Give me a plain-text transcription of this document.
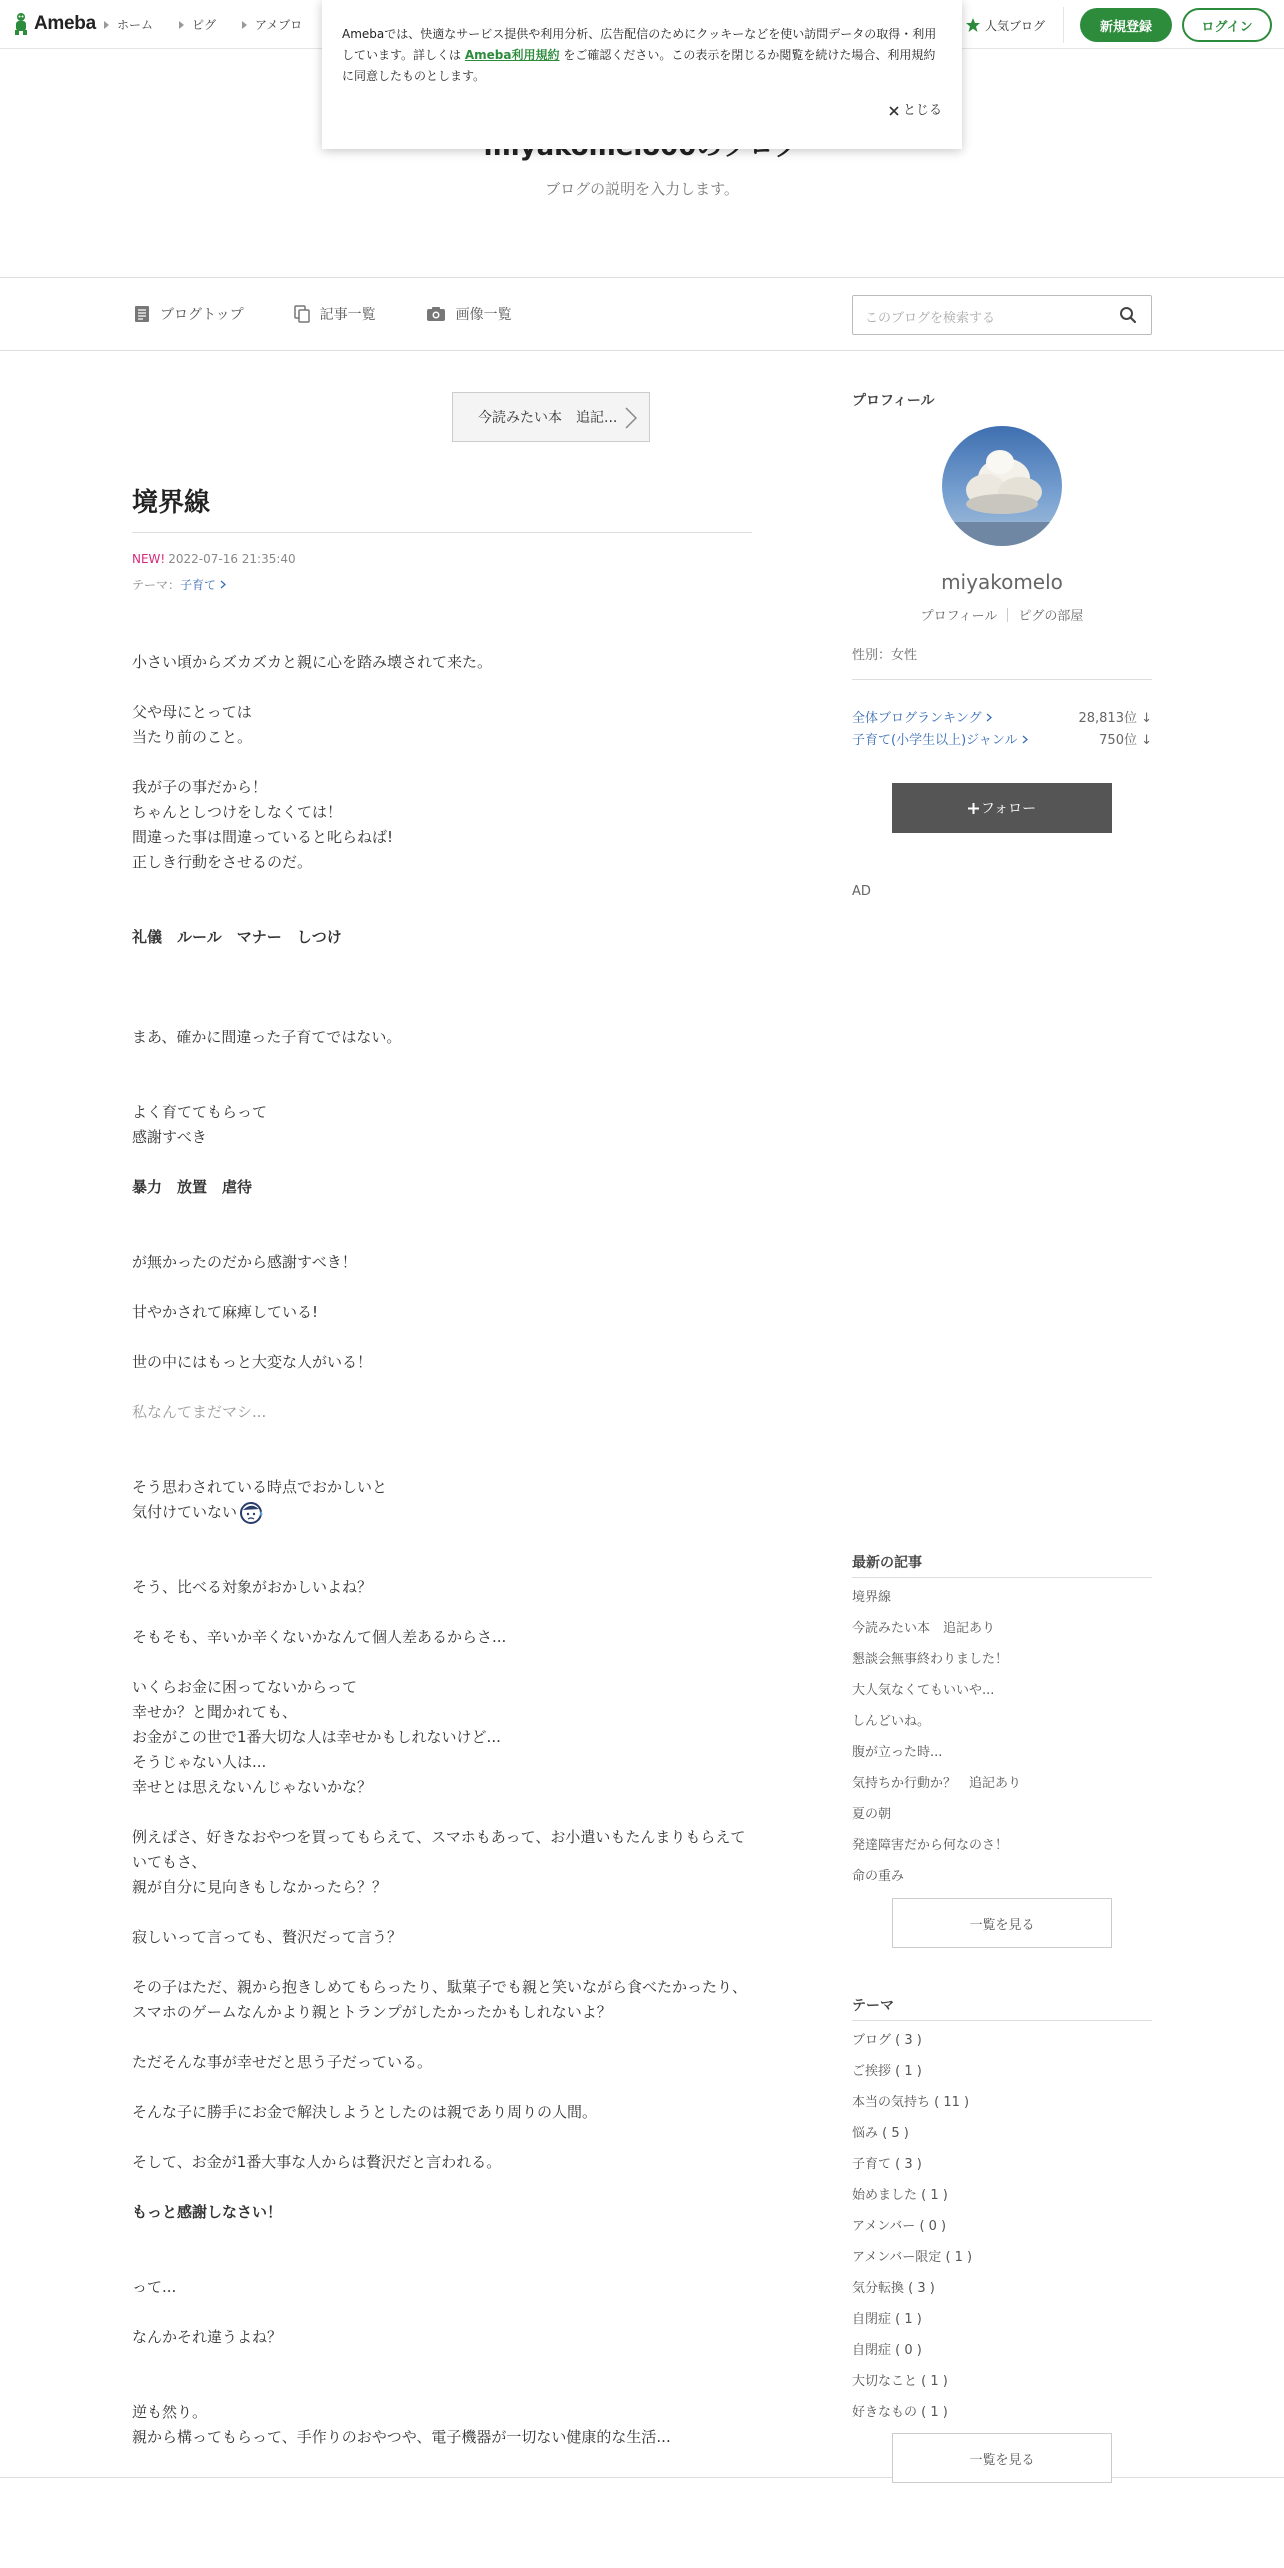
Ameba ホーム	ピグ	アメブロ	人気ブログ	新規登録	ログイン
ブログの説明を入力します。
Amebaでは、快適なサービス提供や利用分析、広告配信のためにクッキーなどを使い訪問データの取得・利用しています。詳しくは Ameba利用規約 をご確認ください。この表示を閉じるか閲覧を続けた場合、利用規約に同意したものとします。
とじる
ブログトップ	記事一覧	画像一覧	このブログを検索する
今読みたい本　追記...
境界線
NEW! 2022-07-16 21:35:40
テーマ：子育て
小さい頃からズカズカと親に心を踏み壊されて来た。
父や母にとっては
当たり前のこと。
我が子の事だから！
ちゃんとしつけをしなくては！
間違った事は間違っていると叱らねば!
正しき行動をさせるのだ。
礼儀　ルール　マナー　しつけ
まあ、確かに間違った子育てではない。
よく育ててもらって
感謝すべき
暴力　放置　虐待
が無かったのだから感謝すべき！
甘やかされて麻痺している!
世の中にはもっと大変な人がいる！
私なんてまだマシ...
そう思わされている時点でおかしいと
気付けていない
そう、比べる対象がおかしいよね？
そもそも、辛いか辛くないかなんて個人差あるからさ...
いくらお金に困ってないからって
幸せか？と聞かれても、
お金がこの世で1番大切な人は幸せかもしれないけど...
そうじゃない人は...
幸せとは思えないんじゃないかな？
例えばさ、好きなおやつを買ってもらえて、スマホもあって、お小遣いもたんまりもらえていてもさ、
親が自分に見向きもしなかったら？？
寂しいって言っても、贅沢だって言う？
その子はただ、親から抱きしめてもらったり、駄菓子でも親と笑いながら食べたかったり、スマホのゲームなんかより親とトランプがしたかったかもしれないよ？
ただそんな事が幸せだと思う子だっている。
そんな子に勝手にお金で解決しようとしたのは親であり周りの人間。
そして、お金が1番大事な人からは贅沢だと言われる。
もっと感謝しなさい！
って...
なんかそれ違うよね？
逆も然り。
親から構ってもらって、手作りのおやつや、電子機器が一切ない健康的な生活...
プロフィール
miyakomelo
プロフィール ピグの部屋
性別：女性
全体ブログランキング	28,813位 ↓
子育て(小学生以上)ジャンル	750位 ↓
フォロー
AD
最新の記事
境界線
今読みたい本　追記あり
懇談会無事終わりました！
大人気なくてもいいや...
しんどいね。
腹が立った時...
気持ちか行動か？　追記あり
夏の朝
発達障害だから何なのさ！
命の重み
一覧を見る
テーマ
ブログ ( 3 )
ご挨拶 ( 1 )
本当の気持ち ( 11 )
悩み ( 5 )
子育て ( 3 )
始めました ( 1 )
アメンバー ( 0 )
アメンバー限定 ( 1 )
気分転換 ( 3 )
自閉症 ( 1 )
自閉症 ( 0 )
大切なこと ( 1 )
好きなもの ( 1 )
一覧を見る
